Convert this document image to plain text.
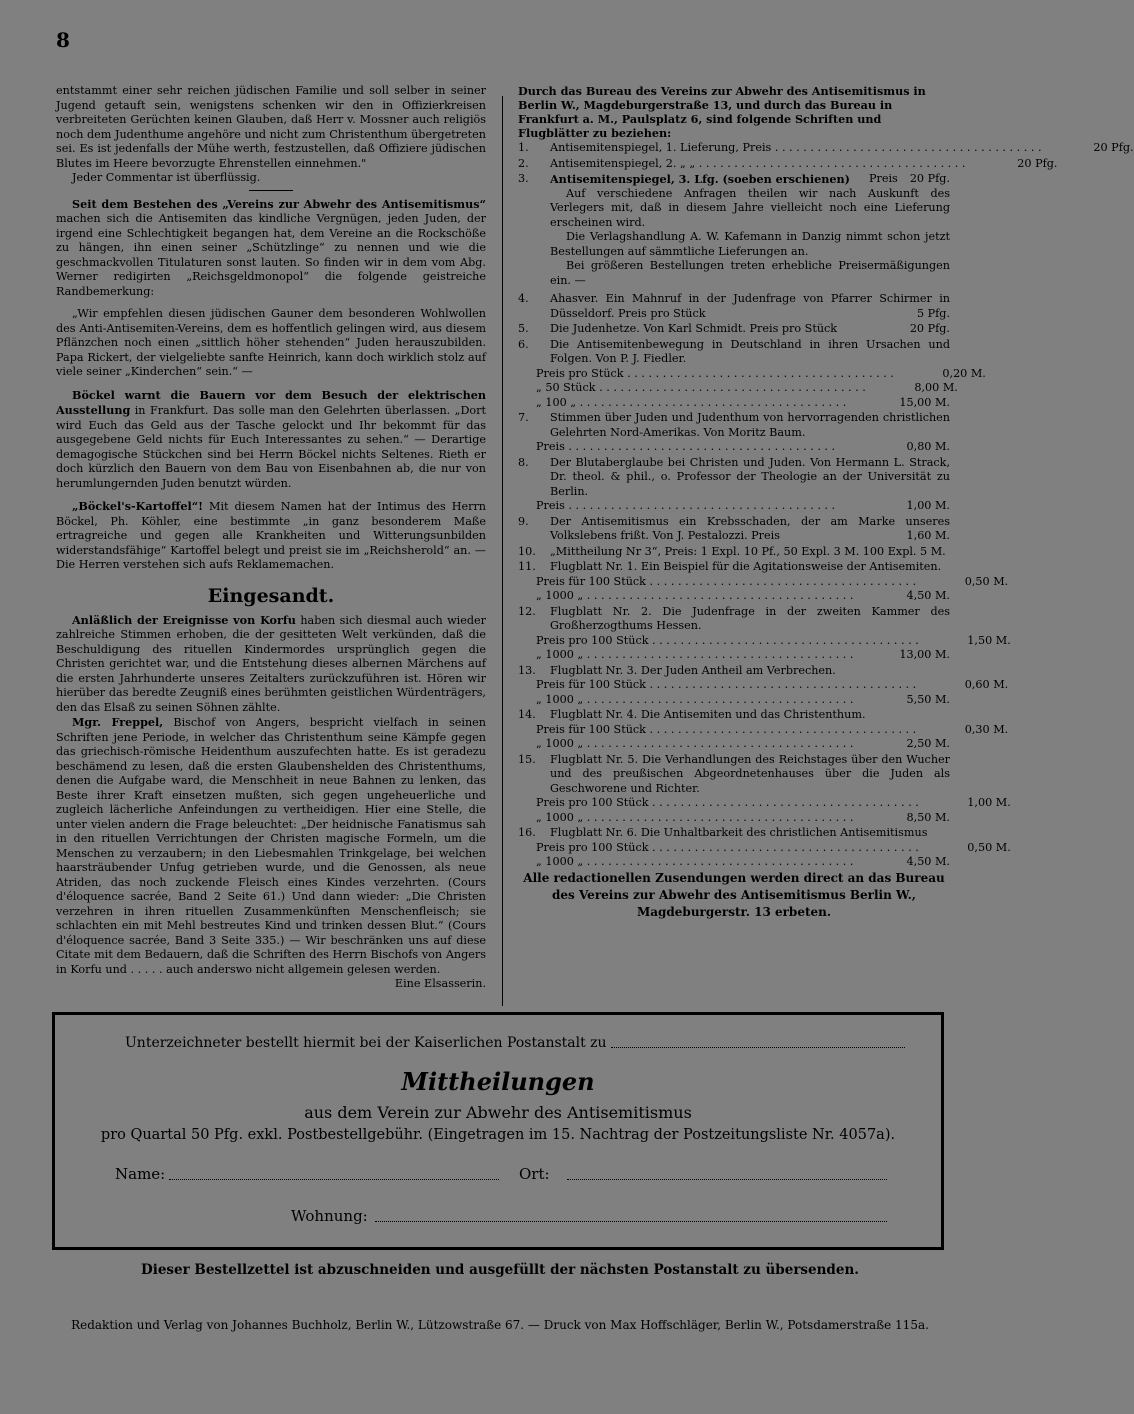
8

entstammt einer sehr reichen jüdischen Familie und soll selber in seiner Jugend getauft sein, wenigstens schenken wir den in Offizierkreisen verbreiteten Gerüchten keinen Glauben, daß Herr v. Mossner auch religiös noch dem Judenthume angehöre und nicht zum Christenthum übergetreten sei. Es ist jedenfalls der Mühe werth, festzustellen, daß Offiziere jüdischen Blutes im Heere bevorzugte Ehrenstellen einnehmen."

Jeder Commentar ist überflüssig.

Seit dem Bestehen des „Vereins zur Abwehr des Antisemitismus“ machen sich die Antisemiten das kindliche Vergnügen, jeden Juden, der irgend eine Schlechtigkeit begangen hat, dem Vereine an die Rockschöße zu hängen, ihn einen seiner „Schützlinge“ zu nennen und wie die geschmackvollen Titulaturen sonst lauten. So finden wir in dem vom Abg. Werner redigirten „Reichsgeldmonopol“ die folgende geistreiche Randbemerkung:

„Wir empfehlen diesen jüdischen Gauner dem besonderen Wohlwollen des Anti-Antisemiten-Vereins, dem es hoffentlich gelingen wird, aus diesem Pflänzchen noch einen „sittlich höher stehenden“ Juden herauszubilden. Papa Rickert, der vielgeliebte sanfte Heinrich, kann doch wirklich stolz auf viele seiner „Kinderchen“ sein.“ —

Böckel warnt die Bauern vor dem Besuch der elektrischen Ausstellung in Frankfurt. Das solle man den Gelehrten überlassen. „Dort wird Euch das Geld aus der Tasche gelockt und Ihr bekommt für das ausgegebene Geld nichts für Euch Interessantes zu sehen.“ — Derartige demagogische Stückchen sind bei Herrn Böckel nichts Seltenes. Rieth er doch kürzlich den Bauern von dem Bau von Eisenbahnen ab, die nur von herumlungernden Juden benutzt würden.

„Böckel's-Kartoffel“! Mit diesem Namen hat der Intimus des Herrn Böckel, Ph. Köhler, eine bestimmte „in ganz besonderem Maße ertragreiche und gegen alle Krankheiten und Witterungsunbilden widerstandsfähige“ Kartoffel belegt und preist sie im „Reichsherold“ an. — Die Herren verstehen sich aufs Reklamemachen.

Eingesandt.

Anläßlich der Ereignisse von Korfu haben sich diesmal auch wieder zahlreiche Stimmen erhoben, die der gesitteten Welt verkünden, daß die Beschuldigung des rituellen Kindermordes ursprünglich gegen die Christen gerichtet war, und die Entstehung dieses albernen Märchens auf die ersten Jahrhunderte unseres Zeitalters zurückzuführen ist. Hören wir hierüber das beredte Zeugniß eines berühmten geistlichen Würdenträgers, den das Elsaß zu seinen Söhnen zählte.

Mgr. Freppel, Bischof von Angers, bespricht vielfach in seinen Schriften jene Periode, in welcher das Christenthum seine Kämpfe gegen das griechisch-römische Heidenthum auszufechten hatte. Es ist geradezu beschämend zu lesen, daß die ersten Glaubenshelden des Christenthums, denen die Aufgabe ward, die Menschheit in neue Bahnen zu lenken, das Beste ihrer Kraft einsetzen mußten, sich gegen ungeheuerliche und zugleich lächerliche Anfeindungen zu vertheidigen. Hier eine Stelle, die unter vielen andern die Frage beleuchtet: „Der heidnische Fanatismus sah in den rituellen Verrichtungen der Christen magische Formeln, um die Menschen zu verzaubern; in den Liebesmahlen Trinkgelage, bei welchen haarsträubender Unfug getrieben wurde, und die Genossen, als neue Atriden, das noch zuckende Fleisch eines Kindes verzehrten. (Cours d'éloquence sacrée, Band 2 Seite 61.) Und dann wieder: „Die Christen verzehren in ihren rituellen Zusammenkünften Menschenfleisch; sie schlachten ein mit Mehl bestreutes Kind und trinken dessen Blut.“ (Cours d'éloquence sacrée, Band 3 Seite 335.) — Wir beschränken uns auf diese Citate mit dem Bedauern, daß die Schriften des Herrn Bischofs von Angers in Korfu und . . . . . auch anderswo nicht allgemein gelesen werden.

Eine Elsasserin.

Durch das Bureau des Vereins zur Abwehr des Antisemitismus in Berlin W., Magdeburgerstraße 13, und durch das Bureau in Frankfurt a. M., Paulsplatz 6, sind folgende Schriften und Flugblätter zu beziehen:

1.	Antisemitenspiegel, 1. Lieferung, Preis . . .	20 Pfg.
2.	Antisemitenspiegel, 2. „ „ . . .	20 Pfg.
3.	Antisemitenspiegel, 3. Lfg. (soeben erschienen)	Preis 20 Pfg.

Auf verschiedene Anfragen theilen wir nach Auskunft des Verlegers mit, daß in diesem Jahre vielleicht noch eine Lieferung erscheinen wird.

Die Verlagshandlung A. W. Kafemann in Danzig nimmt schon jetzt Bestellungen auf sämmtliche Lieferungen an.

Bei größeren Bestellungen treten erhebliche Preisermäßigungen ein. —

4.	Ahasver. Ein Mahnruf in der Judenfrage von Pfarrer Schirmer in Düsseldorf. Preis pro Stück	5 Pfg.
5.	Die Judenhetze. Von Karl Schmidt. Preis pro Stück	20 Pfg.
6.	Die Antisemitenbewegung in Deutschland in ihren Ursachen und Folgen. Von P. J. Fiedler.
Preis pro Stück . . .	0,20 M.
„ 50 Stück . . .	8,00 M.
„ 100 „ . . .	15,00 M.
7.	Stimmen über Juden und Judenthum von hervorragenden christlichen Gelehrten Nord-Amerikas. Von Moritz Baum.
Preis . . .	0,80 M.
8.	Der Blutaberglaube bei Christen und Juden. Von Hermann L. Strack, Dr. theol. & phil., o. Professor der Theologie an der Universität zu Berlin.
Preis . . .	1,00 M.
9.	Der Antisemitismus ein Krebsschaden, der am Marke unseres Volkslebens frißt. Von J. Pestalozzi. Preis	1,60 M.
10.	„Mittheilung Nr 3“, Preis: 1 Expl. 10 Pf., 50 Expl. 3 M. 100 Expl. 5 M.
11.	Flugblatt Nr. 1. Ein Beispiel für die Agitationsweise der Antisemiten.
Preis für 100 Stück . . .	0,50 M.
„ 1000 „ . . .	4,50 M.
12.	Flugblatt Nr. 2. Die Judenfrage in der zweiten Kammer des Großherzogthums Hessen.
Preis pro 100 Stück . . .	1,50 M.
„ 1000 „ . . .	13,00 M.
13.	Flugblatt Nr. 3. Der Juden Antheil am Verbrechen.
Preis für 100 Stück . . .	0,60 M.
„ 1000 „ . . .	5,50 M.
14.	Flugblatt Nr. 4. Die Antisemiten und das Christenthum.
Preis für 100 Stück . . .	0,30 M.
„ 1000 „ . . .	2,50 M.
15.	Flugblatt Nr. 5. Die Verhandlungen des Reichstages über den Wucher und des preußischen Abgeordnetenhauses über die Juden als Geschworene und Richter.
Preis pro 100 Stück . . .	1,00 M.
„ 1000 „ . . .	8,50 M.
16.	Flugblatt Nr. 6. Die Unhaltbarkeit des christlichen Antisemitismus
Preis pro 100 Stück . . .	0,50 M.
„ 1000 „ . . .	4,50 M.

Alle redactionellen Zusendungen werden direct an das Bureau des Vereins zur Abwehr des Antisemitismus Berlin W., Magdeburgerstr. 13 erbeten.

Unterzeichneter bestellt hiermit bei der Kaiserlichen Postanstalt zu
Mittheilungen
aus dem Verein zur Abwehr des Antisemitismus
pro Quartal 50 Pfg. exkl. Postbestellgebühr. (Eingetragen im 15. Nachtrag der Postzeitungsliste Nr. 4057a).
Name:	Ort:
Wohnung:
Dieser Bestellzettel ist abzuschneiden und ausgefüllt der nächsten Postanstalt zu übersenden.
Redaktion und Verlag von Johannes Buchholz, Berlin W., Lützowstraße 67. — Druck von Max Hoffschläger, Berlin W., Potsdamerstraße 115a.
